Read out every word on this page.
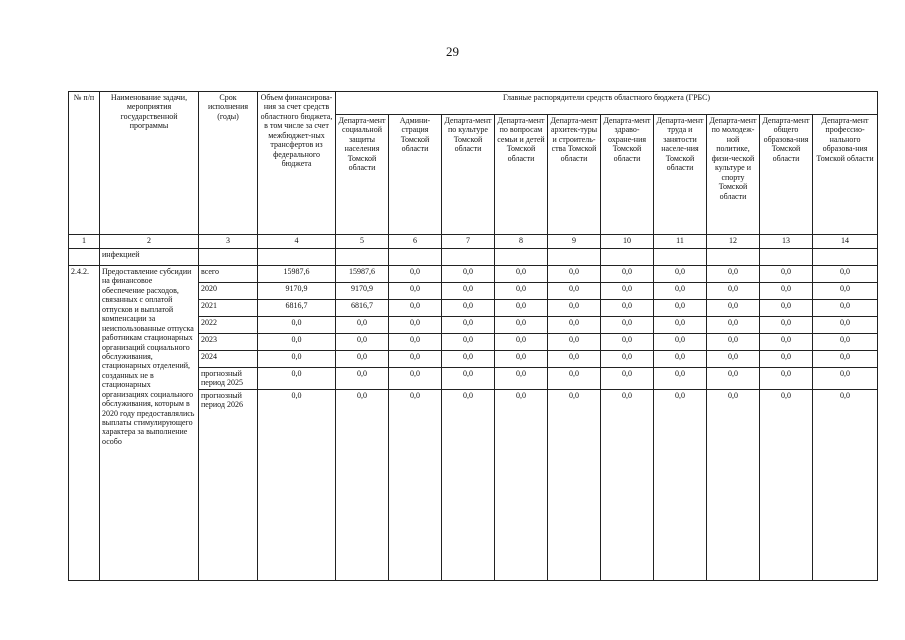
29
№ п/п	Наименование задачи, мероприятия государственной программы	Срок исполнения (годы)	Объем финансирова-ния за счет средств областного бюджета, в том числе за счет межбюджет-ных трансфертов из федерального бюджета	Главные распорядители средств областного бюджета (ГРБС)									
				Департа-мент социальной защиты населения Томской области	Админи-страция Томской области	Департа-мент по культуре Томской области	Департа-мент по вопросам семьи и детей Томской области	Департа-мент архитек-туры и строитель-ства Томской области	Департа-мент здраво-охране-ния Томской области	Департа-мент труда и занятости населе-ния Томской области	Департа-мент по молодеж-ной политике, физи-ческой культуре и спорту Томской области	Департа-мент общего образова-ния Томской области	Департа-мент профессио-нального образова-ния Томской области
1	2	3	4	5	6	7	8	9	10	11	12	13	14
	инфекцией												
2.4.2.	Предоставление субсидии на финансовое обеспечение расходов, связанных с оплатой отпусков и выплатой компенсации за неиспользованные отпуска работникам стационарных организаций социального обслуживания, стационарных отделений, созданных не в стационарных организациях социального обслуживания, которым в 2020 году предоставлялись выплаты стимулирующего характера за выполнение особо	всего	15987,6	15987,6	0,0	0,0	0,0	0,0	0,0	0,0	0,0	0,0	0,0
		2020	9170,9	9170,9	0,0	0,0	0,0	0,0	0,0	0,0	0,0	0,0	0,0
		2021	6816,7	6816,7	0,0	0,0	0,0	0,0	0,0	0,0	0,0	0,0	0,0
		2022	0,0	0,0	0,0	0,0	0,0	0,0	0,0	0,0	0,0	0,0	0,0
		2023	0,0	0,0	0,0	0,0	0,0	0,0	0,0	0,0	0,0	0,0	0,0
		2024	0,0	0,0	0,0	0,0	0,0	0,0	0,0	0,0	0,0	0,0	0,0
		прогнозный период 2025	0,0	0,0	0,0	0,0	0,0	0,0	0,0	0,0	0,0	0,0	0,0
		прогнозный период 2026	0,0	0,0	0,0	0,0	0,0	0,0	0,0	0,0	0,0	0,0	0,0
